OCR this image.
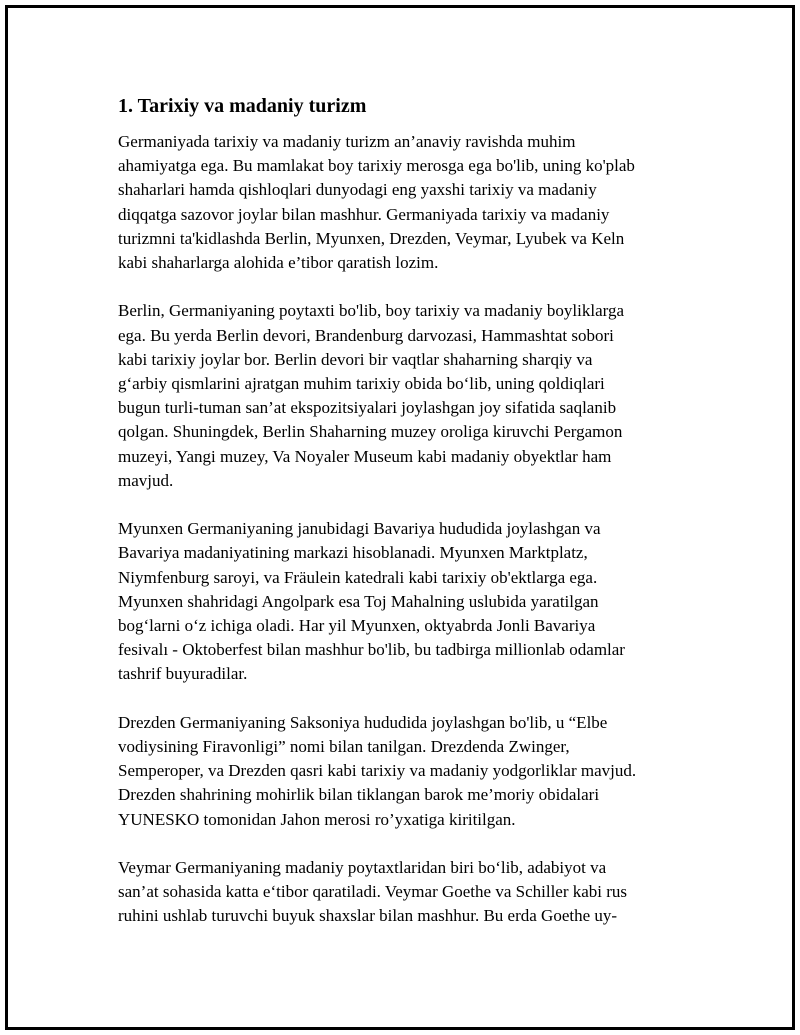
1. Tarixiy va madaniy turizm

Germaniyada tarixiy va madaniy turizm an’anaviy ravishda muhim
ahamiyatga ega. Bu mamlakat boy tarixiy merosga ega bo'lib, uning ko'plab
shaharlari hamda qishloqlari dunyodagi eng yaxshi tarixiy va madaniy
diqqatga sazovor joylar bilan mashhur. Germaniyada tarixiy va madaniy
turizmni ta'kidlashda Berlin, Myunxen, Drezden, Veymar, Lyubek va Keln
kabi shaharlarga alohida e’tibor qaratish lozim.

Berlin, Germaniyaning poytaxti bo'lib, boy tarixiy va madaniy boyliklarga
ega. Bu yerda Berlin devori, Brandenburg darvozasi, Hammashtat sobori
kabi tarixiy joylar bor. Berlin devori bir vaqtlar shaharning sharqiy va
g‘arbiy qismlarini ajratgan muhim tarixiy obida bo‘lib, uning qoldiqlari
bugun turli-tuman san’at ekspozitsiyalari joylashgan joy sifatida saqlanib
qolgan. Shuningdek, Berlin Shaharning muzey oroliga kiruvchi Pergamon
muzeyi, Yangi muzey, Va Noyaler Museum kabi madaniy obyektlar ham
mavjud.

Myunxen Germaniyaning janubidagi Bavariya hududida joylashgan va
Bavariya madaniyatining markazi hisoblanadi. Myunxen Marktplatz,
Niymfenburg saroyi, va Fräulein katedrali kabi tarixiy ob'ektlarga ega.
Myunxen shahridagi Angolpark esa Toj Mahalning uslubida yaratilgan
bog‘larni o‘z ichiga oladi. Har yil Myunxen, oktyabrda Jonli Bavariya
fesivalı - Oktoberfest bilan mashhur bo'lib, bu tadbirga millionlab odamlar
tashrif buyuradilar.

Drezden Germaniyaning Saksoniya hududida joylashgan bo'lib, u “Elbe
vodiysining Firavonligi” nomi bilan tanilgan. Drezdenda Zwinger,
Semperoper, va Drezden qasri kabi tarixiy va madaniy yodgorliklar mavjud.
Drezden shahrining mohirlik bilan tiklangan barok me’moriy obidalari
YUNESKO tomonidan Jahon merosi ro’yxatiga kiritilgan.

Veymar Germaniyaning madaniy poytaxtlaridan biri bo‘lib, adabiyot va
san’at sohasida katta e‘tibor qaratiladi. Veymar Goethe va Schiller kabi rus
ruhini ushlab turuvchi buyuk shaxslar bilan mashhur. Bu erda Goethe uy-
